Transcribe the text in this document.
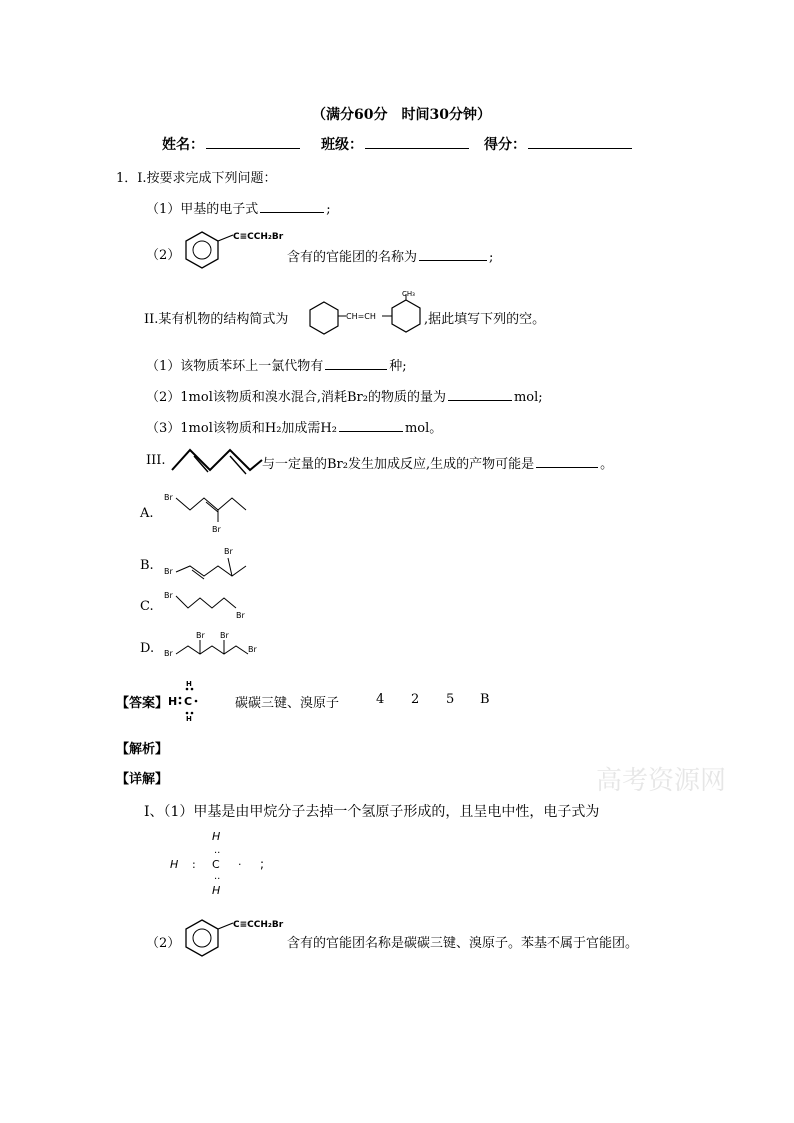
（满分60分　时间30分钟）
姓名：	班级：	得分：
1．I.按要求完成下列问题：
（1）甲基的电子式	;
（2）
C≡CCH₂Br
含有的官能团的名称为	;
II.某有机物的结构简式为	CH=CH
CH₃
,据此填写下列的空。
（1）该物质苯环上一氯代物有	种;
（2）1mol该物质和溴水混合,消耗Br₂的物质的量为	mol;
（3）1mol该物质和H₂加成需H₂	mol。
III.	与一定量的Br₂发生加成反应,生成的产物可能是	。
A.
Br
Br
B. Br
Br
C.
Br
Br
D. Br
Br Br
Br
【答案】 H C
H
H
碳碳三键、溴原子	4 2 5 B
【解析】
【详解】	高考资源网
I、（1）甲基是由甲烷分子去掉一个氢原子形成的，且呈电中性，电子式为
H
··
H : C · ;
··
H
（2）
C≡CCH₂Br
含有的官能团名称是碳碳三键、溴原子。苯基不属于官能团。
